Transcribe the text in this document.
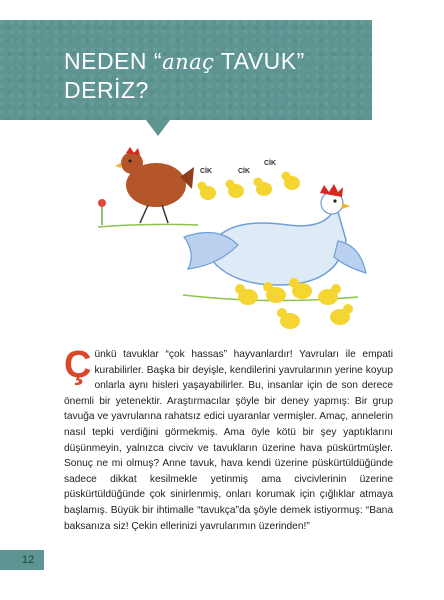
NEDEN “anaç TAVUK”
DERİZ?
CİK	CİK
CİK

Çünkü tavuklar “çok hassas” hayvanlardır! Yavruları ile empati kurabilirler. Başka bir deyişle, kendilerini yavrularının yerine koyup onlarla aynı hisleri yaşayabilirler. Bu, insanlar için de son derece önemli bir yetenektir. Araştırmacılar şöyle bir deney yapmış: Bir grup tavuğa ve yavrularına rahatsız edici uyaranlar vermişler. Amaç, annelerin nasıl tepki verdiğini görmekmiş. Ama öyle kötü bir şey yaptıklarını düşünmeyin, yalnızca civciv ve tavukların üzerine hava püskürtmüşler. Sonuç ne mi olmuş? Anne tavuk, hava kendi üzerine püskürtüldüğünde sadece dikkat kesilmekle yetinmiş ama civcivlerinin üzerine püskürtüldüğünde çok sinirlenmiş, onları korumak için çığlıklar atmaya başlamış. Büyük bir ihtimalle “tavukça”da şöyle demek istiyormuş: “Bana baksanıza siz! Çekin ellerinizi yavrularımın üzerinden!”

12
